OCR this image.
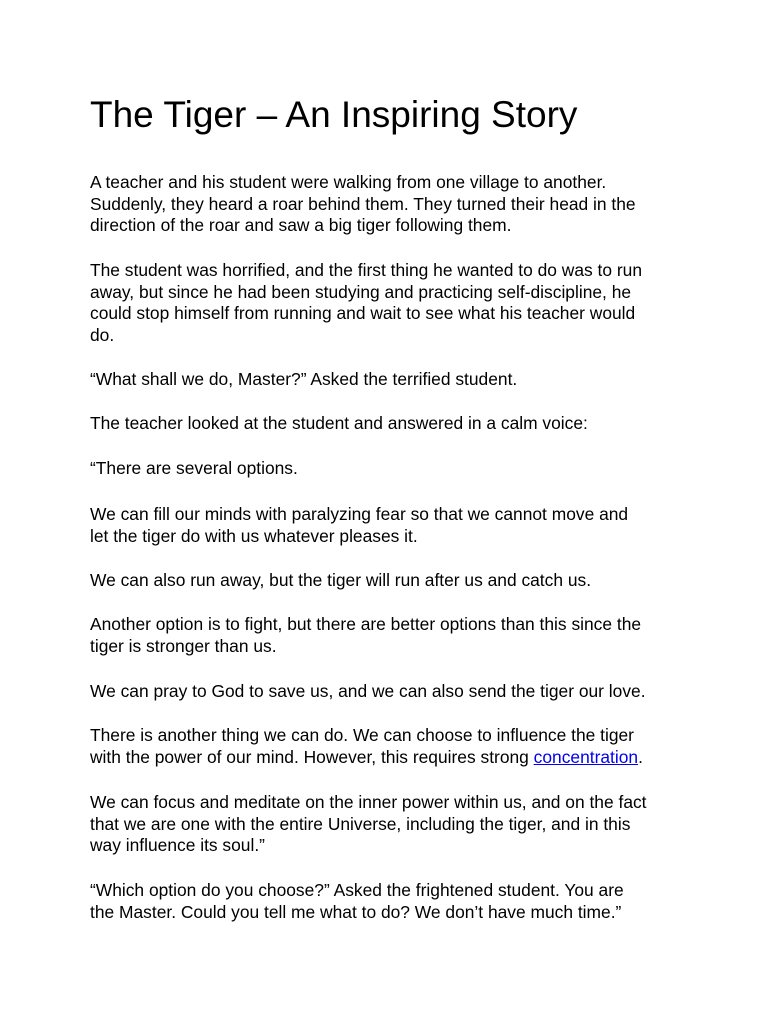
The Tiger – An Inspiring Story

A teacher and his student were walking from one village to another.
Suddenly, they heard a roar behind them. They turned their head in the
direction of the roar and saw a big tiger following them.

The student was horrified, and the first thing he wanted to do was to run
away, but since he had been studying and practicing self-discipline, he
could stop himself from running and wait to see what his teacher would
do.

“What shall we do, Master?” Asked the terrified student.

The teacher looked at the student and answered in a calm voice:

“There are several options.

We can fill our minds with paralyzing fear so that we cannot move and
let the tiger do with us whatever pleases it.

We can also run away, but the tiger will run after us and catch us.

Another option is to fight, but there are better options than this since the
tiger is stronger than us.

We can pray to God to save us, and we can also send the tiger our love.

There is another thing we can do. We can choose to influence the tiger
with the power of our mind. However, this requires strong concentration.

We can focus and meditate on the inner power within us, and on the fact
that we are one with the entire Universe, including the tiger, and in this
way influence its soul.”

“Which option do you choose?” Asked the frightened student. You are
the Master. Could you tell me what to do? We don’t have much time.”
